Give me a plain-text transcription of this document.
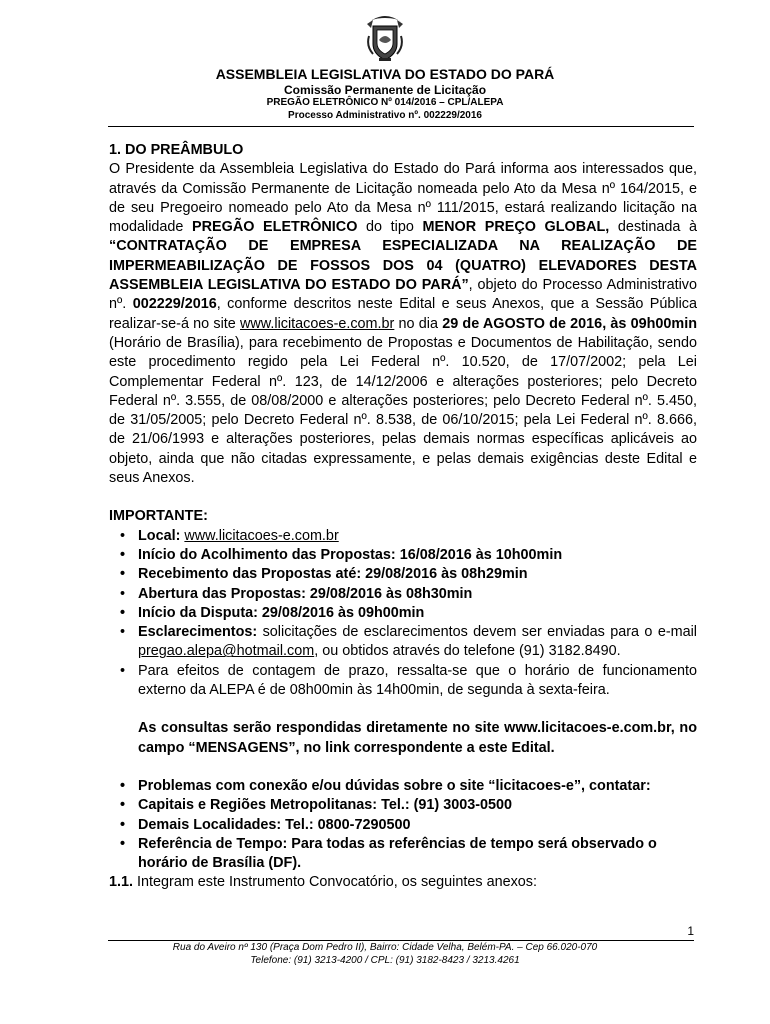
ASSEMBLEIA LEGISLATIVA DO ESTADO DO PARÁ
Comissão Permanente de Licitação
PREGÃO ELETRÔNICO Nº 014/2016 – CPL/ALEPA
Processo Administrativo nº. 002229/2016

1. DO PREÂMBULO

O Presidente da Assembleia Legislativa do Estado do Pará informa aos interessados que, através da Comissão Permanente de Licitação nomeada pelo Ato da Mesa nº 164/2015, e de seu Pregoeiro nomeado pelo Ato da Mesa nº 111/2015, estará realizando licitação na modalidade PREGÃO ELETRÔNICO do tipo MENOR PREÇO GLOBAL, destinada à “CONTRATAÇÃO DE EMPRESA ESPECIALIZADA NA REALIZAÇÃO DE IMPERMEABILIZAÇÃO DE FOSSOS DOS 04 (QUATRO) ELEVADORES DESTA ASSEMBLEIA LEGISLATIVA DO ESTADO DO PARÁ”, objeto do Processo Administrativo nº. 002229/2016, conforme descritos neste Edital e seus Anexos, que a Sessão Pública realizar-se-á no site www.licitacoes-e.com.br no dia 29 de AGOSTO de 2016, às 09h00min (Horário de Brasília), para recebimento de Propostas e Documentos de Habilitação, sendo este procedimento regido pela Lei Federal nº. 10.520, de 17/07/2002; pela Lei Complementar Federal nº. 123, de 14/12/2006 e alterações posteriores; pelo Decreto Federal nº. 3.555, de 08/08/2000 e alterações posteriores; pelo Decreto Federal nº. 5.450, de 31/05/2005; pelo Decreto Federal nº. 8.538, de 06/10/2015; pela Lei Federal nº. 8.666, de 21/06/1993 e alterações posteriores, pelas demais normas específicas aplicáveis ao objeto, ainda que não citadas expressamente, e pelas demais exigências deste Edital e seus Anexos.

IMPORTANTE:

• Local: www.licitacoes-e.com.br
• Início do Acolhimento das Propostas: 16/08/2016 às 10h00min
• Recebimento das Propostas até: 29/08/2016 às 08h29min
• Abertura das Propostas: 29/08/2016 às 08h30min
• Início da Disputa: 29/08/2016 às 09h00min
• Esclarecimentos: solicitações de esclarecimentos devem ser enviadas para o e-mail pregao.alepa@hotmail.com, ou obtidos através do telefone (91) 3182.8490.
• Para efeitos de contagem de prazo, ressalta-se que o horário de funcionamento externo da ALEPA é de 08h00min às 14h00min, de segunda à sexta-feira.

As consultas serão respondidas diretamente no site www.licitacoes-e.com.br, no campo “MENSAGENS”, no link correspondente a este Edital.

• Problemas com conexão e/ou dúvidas sobre o site “licitacoes-e”, contatar:
• Capitais e Regiões Metropolitanas: Tel.: (91) 3003-0500
• Demais Localidades: Tel.: 0800-7290500
• Referência de Tempo: Para todas as referências de tempo será observado o horário de Brasília (DF).

1.1. Integram este Instrumento Convocatório, os seguintes anexos:

1
Rua do Aveiro nº 130 (Praça Dom Pedro II), Bairro: Cidade Velha, Belém-PA. – Cep 66.020-070
Telefone: (91) 3213-4200 / CPL: (91) 3182-8423 / 3213.4261
